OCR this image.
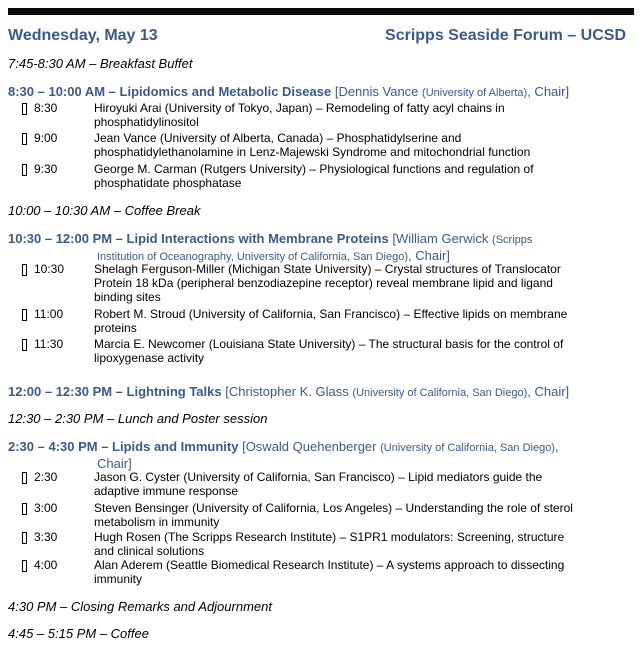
Wednesday, May 13	Scripps Seaside Forum – UCSD
7:45-8:30 AM – Breakfast Buffet
8:30 – 10:00 AM – Lipidomics and Metabolic Disease [Dennis Vance (University of Alberta), Chair]
8:30	Hiroyuki Arai (University of Tokyo, Japan) – Remodeling of fatty acyl chains in
phosphatidylinositol
9:00	Jean Vance (University of Alberta, Canada) – Phosphatidylserine and
phosphatidylethanolamine in Lenz-Majewski Syndrome and mitochondrial function
9:30	George M. Carman (Rutgers University) – Physiological functions and regulation of
phosphatidate phosphatase
10:00 – 10:30 AM – Coffee Break
10:30 – 12:00 PM – Lipid Interactions with Membrane Proteins [William Gerwick (Scripps
Institution of Oceanography, University of California, San Diego), Chair]
10:30 Shelagh Ferguson-Miller (Michigan State University) – Crystal structures of Translocator
Protein 18 kDa (peripheral benzodiazepine receptor) reveal membrane lipid and ligand
binding sites
11:00	Robert M. Stroud (University of California, San Francisco) – Effective lipids on membrane
proteins
11:30	Marcia E. Newcomer (Louisiana State University) – The structural basis for the control of
lipoxygenase activity
12:00 – 12:30 PM – Lightning Talks [Christopher K. Glass (University of California, San Diego), Chair]
12:30 – 2:30 PM – Lunch and Poster session
2:30 – 4:30 PM – Lipids and Immunity [Oswald Quehenberger (University of California, San Diego),
Chair]
2:30	Jason G. Cyster (University of California, San Francisco) – Lipid mediators guide the
adaptive immune response
3:00	Steven Bensinger (University of California, Los Angeles) – Understanding the role of sterol
metabolism in immunity
3:30	Hugh Rosen (The Scripps Research Institute) – S1PR1 modulators: Screening, structure
and clinical solutions
4:00	Alan Aderem (Seattle Biomedical Research Institute) – A systems approach to dissecting
immunity
4:30 PM – Closing Remarks and Adjournment
4:45 – 5:15 PM – Coffee
